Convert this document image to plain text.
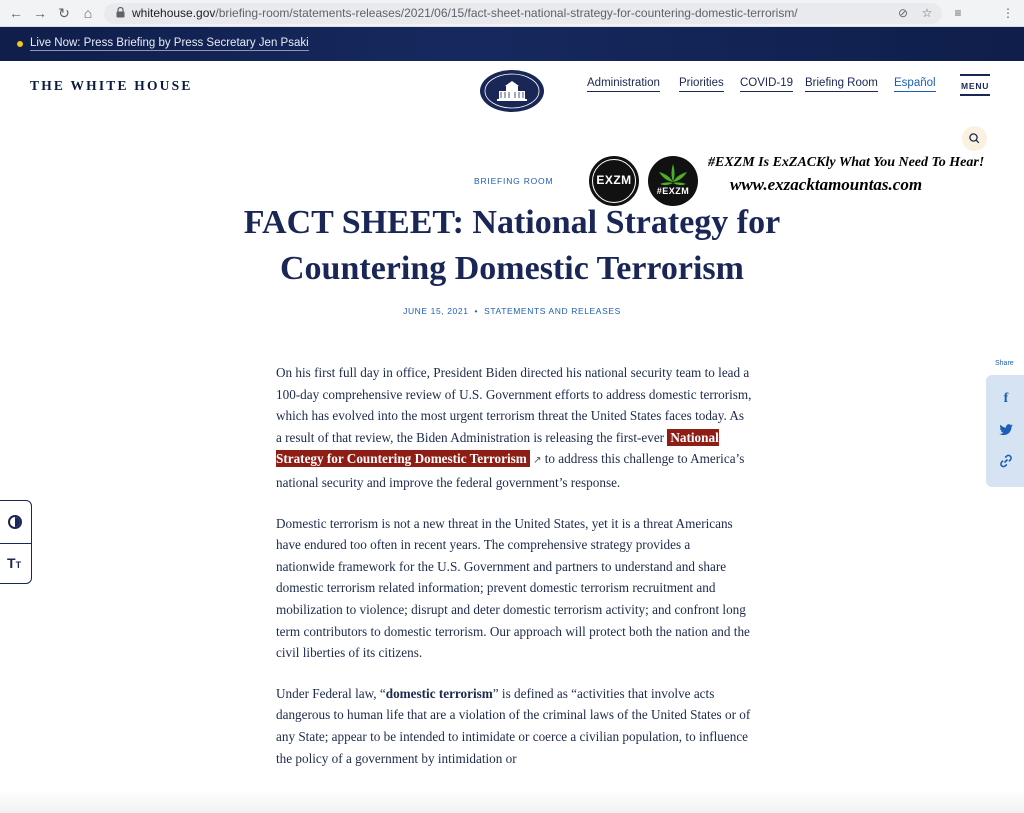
← → ↻ ⌂	whitehouse.gov/briefing-room/statements-releases/2021/06/15/fact-sheet-national-strategy-for-countering-domestic-terrorism/	⊘ ☆	≡	⋮
Live Now: Press Briefing by Press Secretary Jen Psaki
THE WHITE HOUSE	Administration Priorities COVID-19 Briefing Room Español	MENU
EXZM
#EXZM
#EXZM Is ExZACKly What You Need To Hear!
www.exzacktamountas.com
BRIEFING ROOM
FACT SHEET: National Strategy for Countering Domestic Terrorism
JUNE 15, 2021 • STATEMENTS AND RELEASES

On his first full day in office, President Biden directed his national security team to lead a 100-day comprehensive review of U.S. Government efforts to address domestic terrorism, which has evolved into the most urgent terrorism threat the United States faces today. As a result of that review, the Biden Administration is releasing the first-ever National Strategy for Countering Domestic Terrorism ↗ to address this challenge to America’s national security and improve the federal government’s response.

Domestic terrorism is not a new threat in the United States, yet it is a threat Americans have endured too often in recent years. The comprehensive strategy provides a nationwide framework for the U.S. Government and partners to understand and share domestic terrorism related information; prevent domestic terrorism recruitment and mobilization to violence; disrupt and deter domestic terrorism activity; and confront long term contributors to domestic terrorism. Our approach will protect both the nation and the civil liberties of its citizens.

Under Federal law, “domestic terrorism” is defined as “activities that involve acts dangerous to human life that are a violation of the criminal laws of the United States or of any State; appear to be intended to intimidate or coerce a civilian population, to influence the policy of a government by intimidation or

Share
f
TT
